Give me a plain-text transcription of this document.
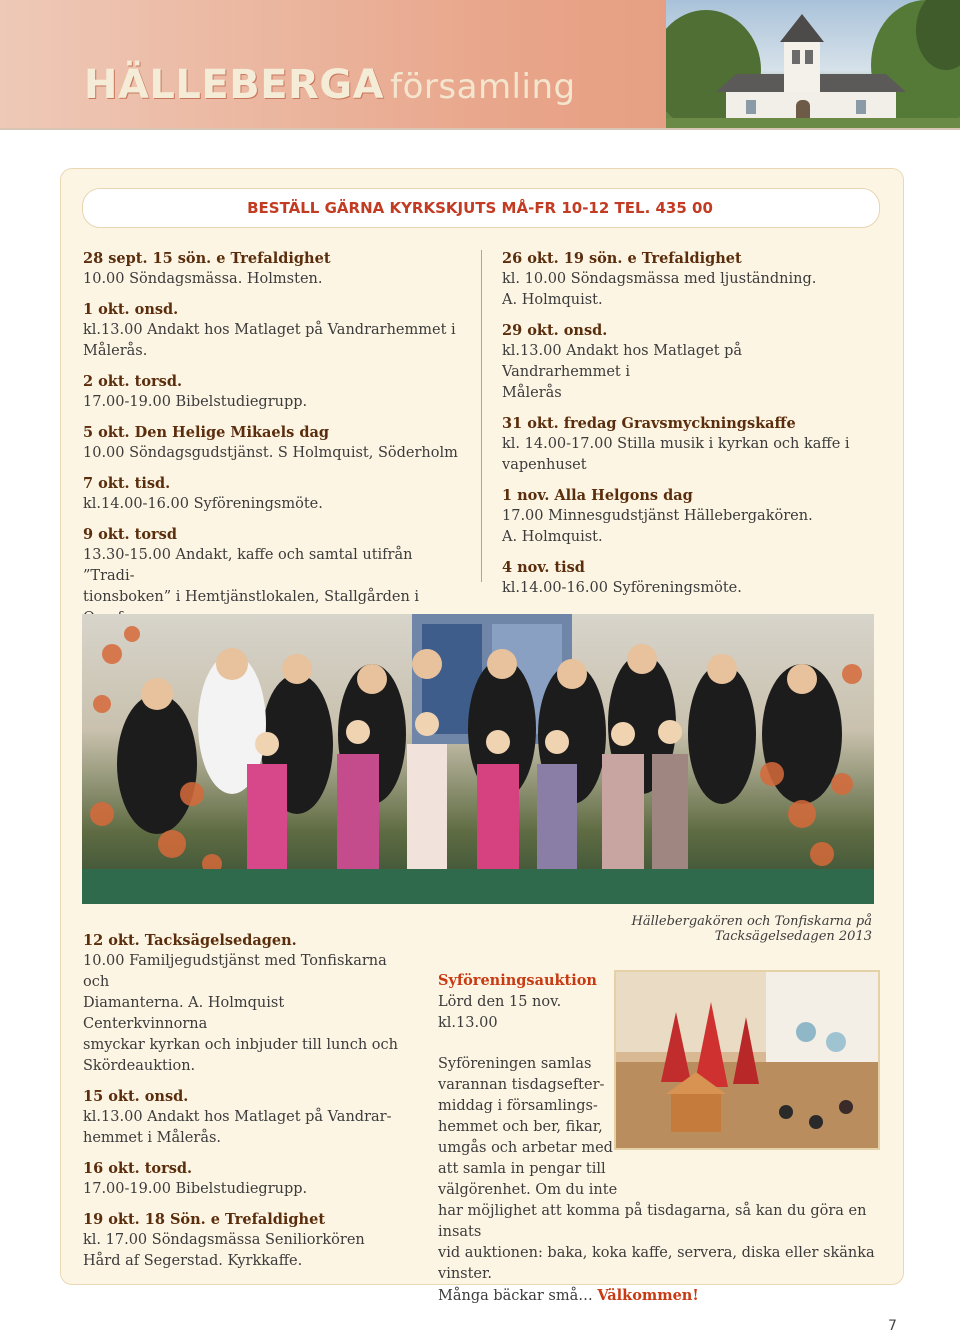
HÄLLEBERGA församling
BESTÄLL GÄRNA KYRKSKJUTS MÅ-FR 10-12 TEL. 435 00

28 sept. 15 sön. e Trefaldighet
10.00 Söndagsmässa. Holmsten.

1 okt. onsd.
kl.13.00 Andakt hos Matlaget på Vandrarhemmet i
Målerås.

2 okt. torsd.
17.00-19.00 Bibelstudiegrupp.

5 okt. Den Helige Mikaels dag
10.00 Söndagsgudstjänst. S Holmquist, Söderholm

7 okt. tisd.
kl.14.00-16.00 Syföreningsmöte.

9 okt. torsd
13.30-15.00 Andakt, kaffe och samtal utifrån ”Tradi-
tionsboken” i Hemtjänstlokalen, Stallgården i

26 okt. 19 sön. e Trefaldighet
kl. 10.00 Söndagsmässa med ljuständning.
A. Holmquist.

29 okt. onsd.
kl.13.00 Andakt hos Matlaget på Vandrarhemmet i
Målerås

31 okt. fredag Gravsmyckningskaffe
kl. 14.00-17.00 Stilla musik i kyrkan och kaffe i
vapenhuset

1 nov. Alla Helgons dag
17.00 Minnesgudstjänst Hällebergakören.
A. Holmquist.

4 nov. tisd
kl.14.00-16.00 Syföreningsmöte.

Hällebergakören och Tonfiskarna på Tacksägelsedagen 2013

12 okt. Tacksägelsedagen.
10.00 Familjegudstjänst med Tonfiskarna och
Diamanterna. A. Holmquist Centerkvinnorna
smyckar kyrkan och inbjuder till lunch och
Skördeauktion.

15 okt. onsd.
kl.13.00 Andakt hos Matlaget på Vandrar-
hemmet i Målerås.

16 okt. torsd.
17.00-19.00 Bibelstudiegrupp.

19 okt. 18 Sön. e Trefaldighet
kl. 17.00 Söndagsmässa Seniliorkören
Hård af Segerstad. Kyrkkaffe.

Syföreningsauktion
Lörd den 15 nov.
kl.13.00

Syföreningen samlas
varannan tisdagsefter-
middag i församlings-
hemmet och ber, fikar,
umgås och arbetar med
att samla in pengar till
välgörenhet. Om du inte
har möjlighet att komma på tisdagarna, så kan du göra en insats
vid auktionen: baka, koka kaffe, servera, diska eller skänka vinster.
Många bäckar små… Välkommen!

7
